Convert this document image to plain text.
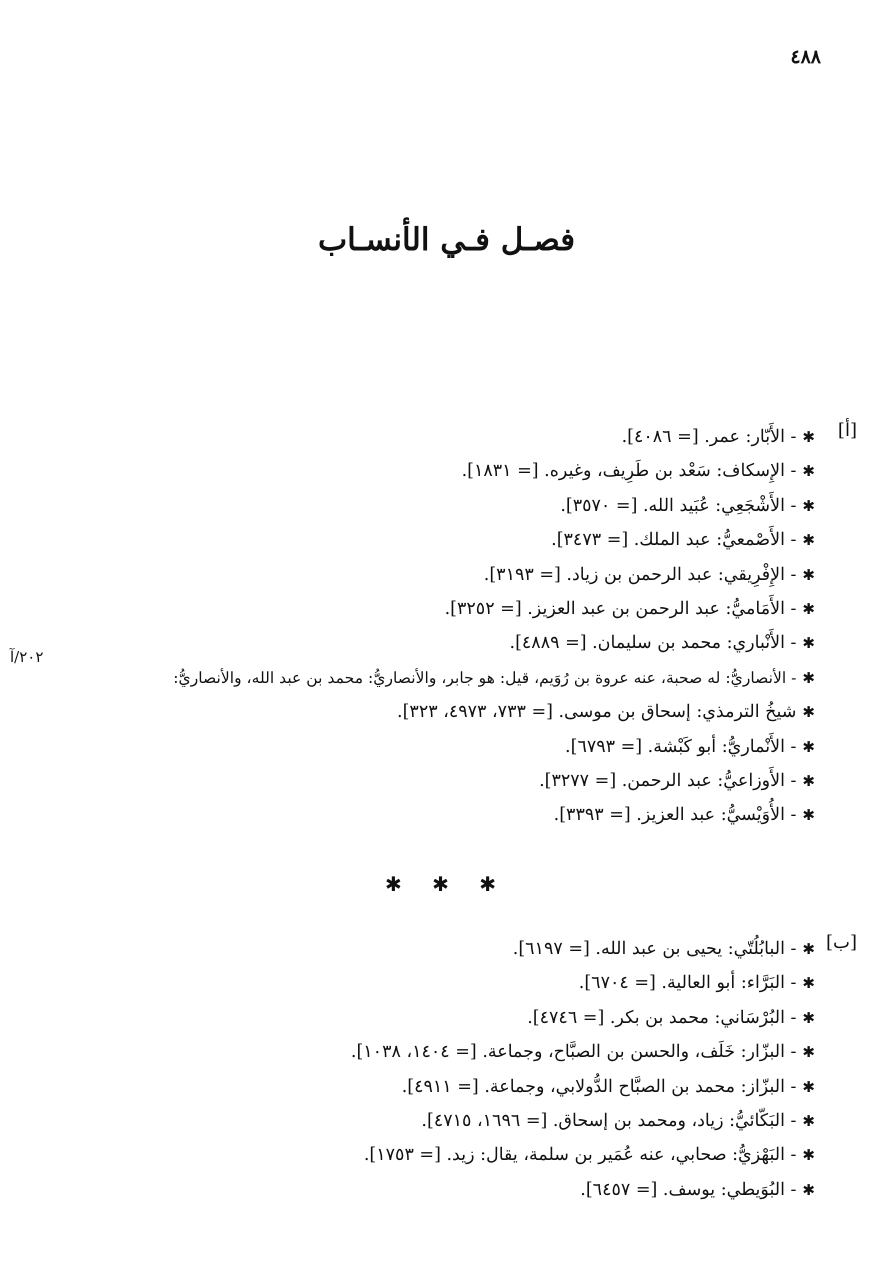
٤٨٨
فصـل فـي الأنسـاب
[أ]
٢٠٢/آ
✱- الأَبّار: عمر. [= ٤٠٨٦].
✱- الإِسكاف: سَعْد بن طَرِيف، وغيره. [= ١٨٣١].
✱- الأَشْجَعِي: عُبَيد الله. [= ٣٥٧٠].
✱- الأَصْمعيُّ: عبد الملك. [= ٣٤٧٣].
✱- الإِفْرِيقي: عبد الرحمن بن زياد. [= ٣١٩٣].
✱- الأَمَاميُّ: عبد الرحمن بن عبد العزيز. [= ٣٢٥٢].
✱- الأَنْباري: محمد بن سليمان. [= ٤٨٨٩].
✱- الأنصاريُّ: له صحبة، عنه عروة بن رُوَيم، قيل: هو جابر، والأنصاريُّ: محمد بن عبد الله، والأنصاريُّ:
✱شيخُ الترمذي: إسحاق بن موسى. [= ٧٣٣، ٤٩٧٣، ٣٢٣].
✱- الأَنْماريُّ: أبو كَبْشة. [= ٦٧٩٣].
✱- الأَوزاعيُّ: عبد الرحمن. [= ٣٢٧٧].
✱- الأُوَيْسيُّ: عبد العزيز. [= ٣٣٩٣].
✱ ✱ ✱
[ب]
✱- البابُلُتّي: يحيى بن عبد الله. [= ٦١٩٧].
✱- البَرَّاء: أبو العالية. [= ٦٧٠٤].
✱- البُرْسَاني: محمد بن بكر. [= ٤٧٤٦].
✱- البزّار: خَلَف، والحسن بن الصبَّاح، وجماعة. [= ١٤٠٤، ١٠٣٨].
✱- البزّاز: محمد بن الصبَّاح الدُّولابي، وجماعة. [= ٤٩١١].
✱- البَكّائيُّ: زياد، ومحمد بن إسحاق. [= ١٦٩٦، ٤٧١٥].
✱- البَهْزيُّ: صحابي، عنه عُمَير بن سلمة، يقال: زيد. [= ١٧٥٣].
✱- البُوَيطي: يوسف. [= ٦٤٥٧].
